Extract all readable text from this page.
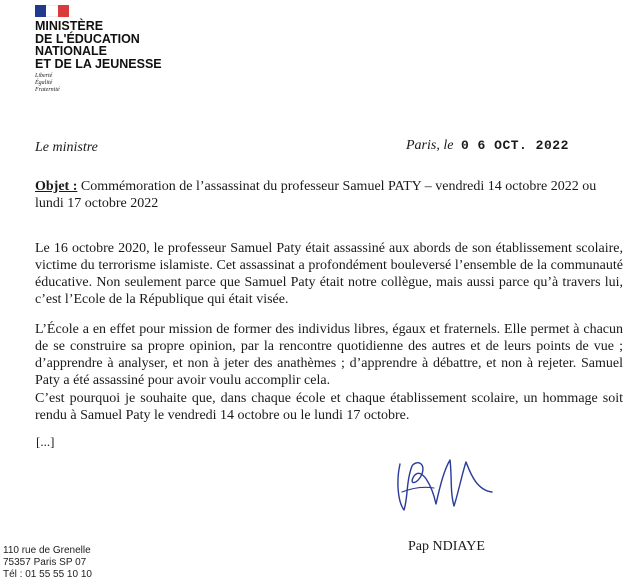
MINISTÈRE
DE L'ÉDUCATION
NATIONALE
ET DE LA JEUNESSE
Liberté
Égalité
Fraternité
Le ministre	Paris, le 0 6 OCT. 2022
Objet : Commémoration de l’assassinat du professeur Samuel PATY – vendredi 14 octobre 2022 ou lundi 17 octobre 2022
Le 16 octobre 2020, le professeur Samuel Paty était assassiné aux abords de son établissement scolaire, victime du terrorisme islamiste. Cet assassinat a profondément bouleversé l’ensemble de la communauté éducative. Non seulement parce que Samuel Paty était notre collègue, mais aussi parce qu’à travers lui, c’est l’Ecole de la République qui était visée.
L’École a en effet pour mission de former des individus libres, égaux et fraternels. Elle permet à chacun de se construire sa propre opinion, par la rencontre quotidienne des autres et de leurs points de vue ; d’apprendre à analyser, et non à jeter des anathèmes ; d’apprendre à débattre, et non à rejeter. Samuel Paty a été assassiné pour avoir voulu accomplir cela.
C’est pourquoi je souhaite que, dans chaque école et chaque établissement scolaire, un hommage soit rendu à Samuel Paty le vendredi 14 octobre ou le lundi 17 octobre.
[...]
Pap NDIAYE
110 rue de Grenelle
75357 Paris SP 07
Tél : 01 55 55 10 10
